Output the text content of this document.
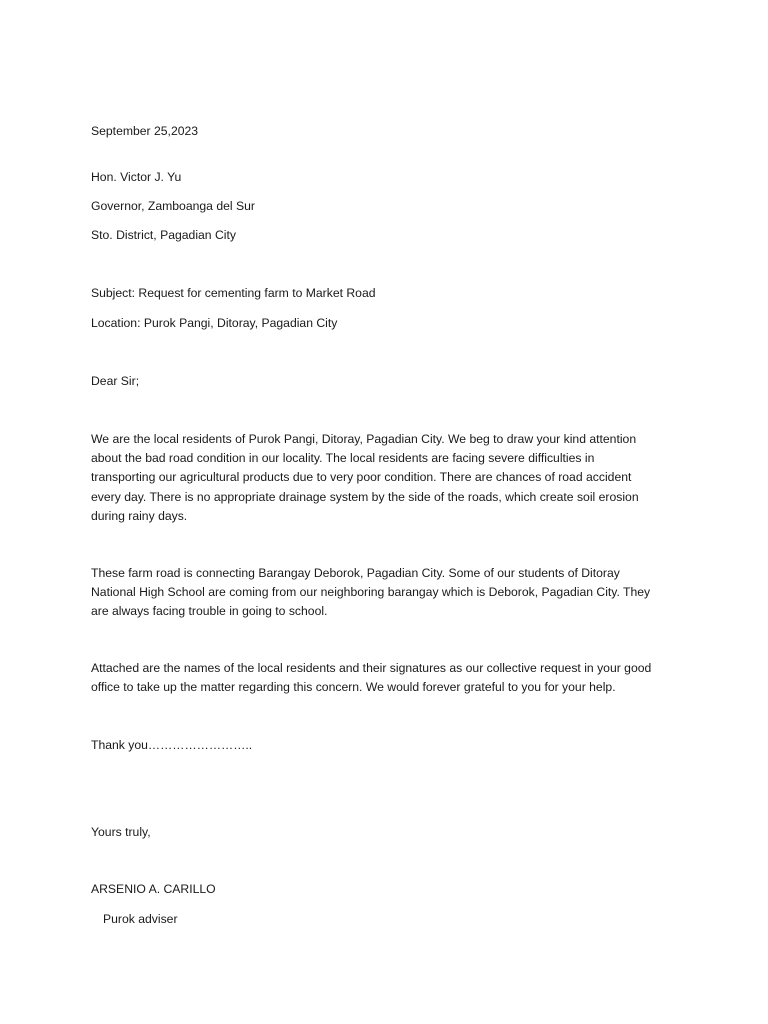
September 25,2023
Hon. Victor J. Yu
Governor, Zamboanga del Sur
Sto. District, Pagadian City
Subject: Request for cementing farm to Market Road
Location: Purok Pangi, Ditoray, Pagadian City
Dear Sir;
We are the local residents of Purok Pangi, Ditoray, Pagadian City. We beg to draw your kind attention
about the bad road condition in our locality. The local residents are facing severe difficulties in
transporting our agricultural products due to very poor condition. There are chances of road accident
every day. There is no appropriate drainage system by the side of the roads, which create soil erosion
during rainy days.
These farm road is connecting Barangay Deborok, Pagadian City. Some of our students of Ditoray
National High School are coming from our neighboring barangay which is Deborok, Pagadian City. They
are always facing trouble in going to school.
Attached are the names of the local residents and their signatures as our collective request in your good
office to take up the matter regarding this concern. We would forever grateful to you for your help.
Thank you……………………..
Yours truly,
ARSENIO A. CARILLO
Purok adviser
